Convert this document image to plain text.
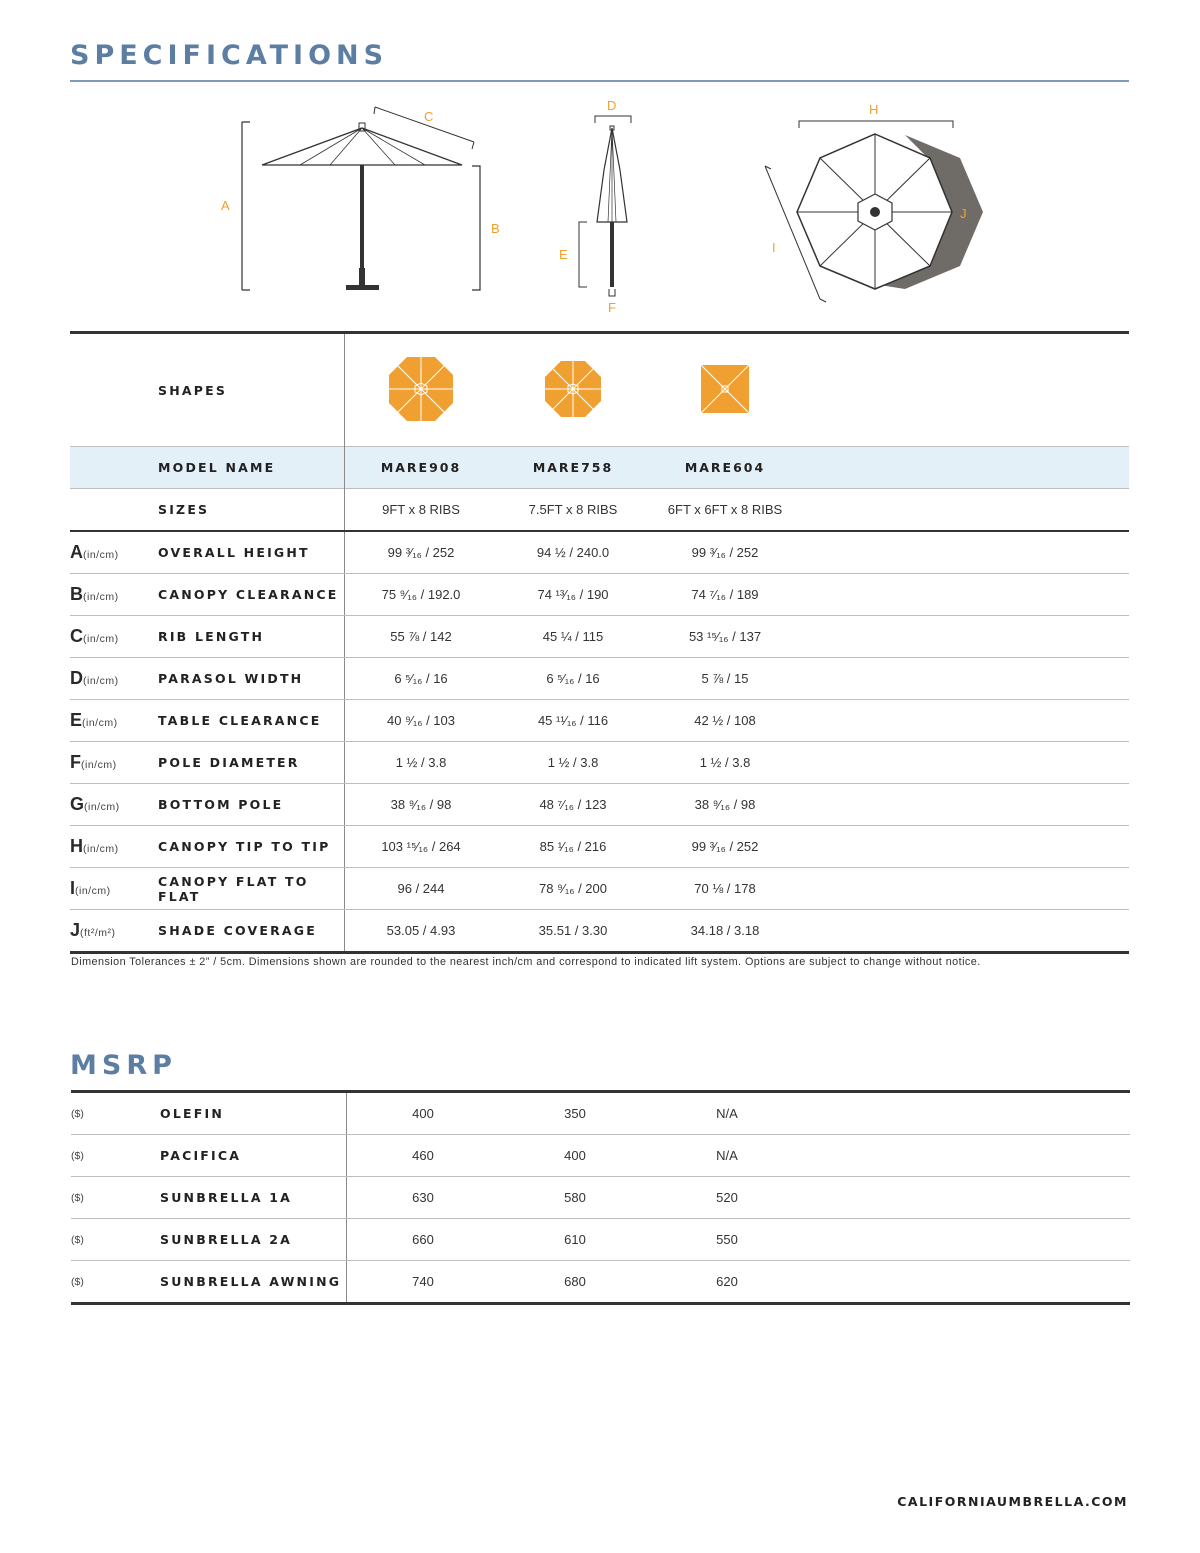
SPECIFICATIONS
A
C
B
D
E
F
H
I
J
	SHAPES				
	MODEL NAME	MARE908	MARE758	MARE604	
	SIZES	9FT x 8 RIBS	7.5FT x 8 RIBS	6FT x 6FT x 8 RIBS	
A(in/cm)	OVERALL HEIGHT	99 ³⁄₁₆ / 252	94 ½ / 240.0	99 ³⁄₁₆ / 252	
B(in/cm)	CANOPY CLEARANCE	75 ⁹⁄₁₆ / 192.0	74 ¹³⁄₁₆ / 190	74 ⁷⁄₁₆ / 189	
C(in/cm)	RIB LENGTH	55 ⅞ / 142	45 ¼ / 115	53 ¹⁵⁄₁₆ / 137	
D(in/cm)	PARASOL WIDTH	6 ⁵⁄₁₆ / 16	6 ⁵⁄₁₆ / 16	5 ⅞ / 15	
E(in/cm)	TABLE CLEARANCE	40 ⁹⁄₁₆ / 103	45 ¹¹⁄₁₆ / 116	42 ½ / 108	
F(in/cm)	POLE DIAMETER	1 ½ / 3.8	1 ½ / 3.8	1 ½ / 3.8	
G(in/cm)	BOTTOM POLE	38 ⁹⁄₁₆ / 98	48 ⁷⁄₁₆ / 123	38 ⁹⁄₁₆ / 98	
H(in/cm)	CANOPY TIP TO TIP	103 ¹⁵⁄₁₆ / 264	85 ¹⁄₁₆ / 216	99 ³⁄₁₆ / 252	
I(in/cm)	CANOPY FLAT TO FLAT	96 / 244	78 ⁹⁄₁₆ / 200	70 ⅛ / 178	
J(ft²/m²)	SHADE COVERAGE	53.05 / 4.93	35.51 / 3.30	34.18 / 3.18	
Dimension Tolerances ± 2” / 5cm. Dimensions shown are rounded to the nearest inch/cm and correspond to indicated lift system. Options are subject to change without notice.
MSRP
($)	OLEFIN	400	350	N/A	
($)	PACIFICA	460	400	N/A	
($)	SUNBRELLA 1A	630	580	520	
($)	SUNBRELLA 2A	660	610	550	
($)	SUNBRELLA AWNING	740	680	620	
CALIFORNIAUMBRELLA.COM
